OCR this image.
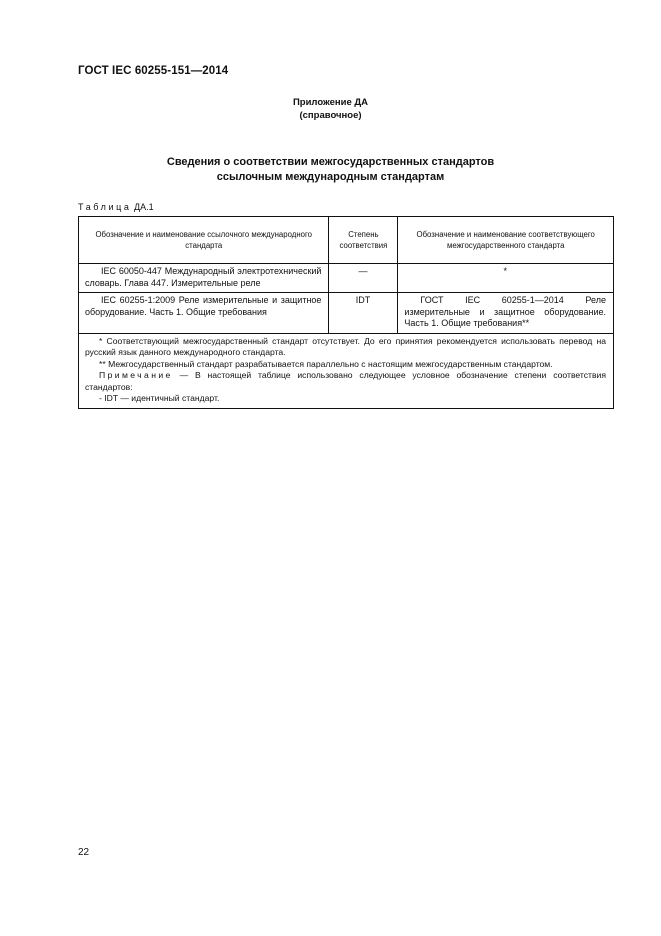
ГОСТ IEC 60255-151—2014
Приложение ДА
(справочное)
Сведения о соответствии межгосударственных стандартов
ссылочным международным стандартам
Таблица ДА.1
Обозначение и наименование ссылочного международного стандарта	Степень соответствия	Обозначение и наименование соответствующего межгосударственного стандарта
IEC 60050-447 Международный электротехнический словарь. Глава 447. Измерительные реле	—	*
IEC 60255-1:2009 Реле измерительные и защитное оборудование. Часть 1. Общие требования	IDT	ГОСТ IEC 60255-1—2014 Реле измерительные и защитное оборудование. Часть 1. Общие требования**

* Соответствующий межгосударственный стандарт отсутствует. До его принятия рекомендуется использовать перевод на русский язык данного международного стандарта.

** Межгосударственный стандарт разрабатывается параллельно с настоящим межгосударственным стандартом.

Примечание — В настоящей таблице использовано следующее условное обозначение степени соответствия стандартов:

- IDT — идентичный стандарт.		

22
